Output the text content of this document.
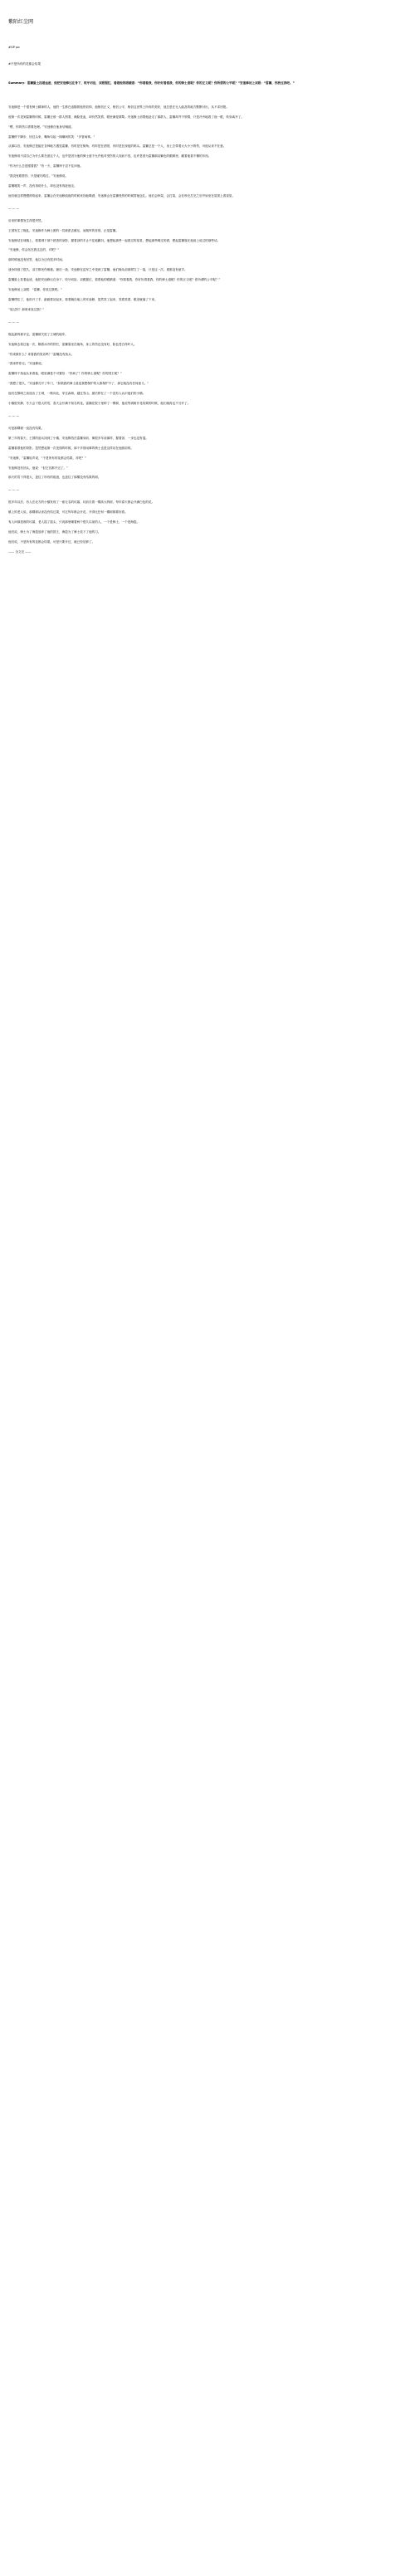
紫陌红尘网

#GP po

#不是所有的花都会结果

Summary：雷狮脸上挂着血迹，他把安迷修压在身下，咬牙切齿，双眼猩红，看着他的眼睛道：“你看看我，你好好看看我，你的骑士道呢？你的正义呢？你所谓的公平呢？”安迷修闭上双眼：“雷狮，你放过我吧。”

安迷修是一个很有骑士精神的人，他的一生都在追随着他的信仰，他相信正义，相信公平，相信这世界上所有的美好，他总是在无人能及的地方默默付出，从不求回报。
他第一次见到雷狮的时候，雷狮正被一群人围着，满脸是血，却仍然笑着，眼里满是桀骜。安迷修上前帮他赶走了那群人，雷狮却并不领情，只是冷冷地看了他一眼，转身离开了。
“喂，你的伤口需要处理。”安迷修在他身后喊道。
雷狮停下脚步，回过头来，嘴角勾起一抹嘲讽的笑：“多管闲事。”
从那以后，安迷修总是能在各种地方遇见雷狮，有时是在街角，有时是在酒馆，有时是在深夜的码头。雷狮总是一个人，身上总带着大大小小的伤，可他从来不在意。
安迷修说不清自己为什么要在意这个人，也许是因为他的骑士道不允许他对受伤的人视而不见，也许是因为雷狮那双紫色的眼睛里，藏着他看不懂的东西。
“你为什么总是跟着我？”有一天，雷狮终于忍不住问他。
“我没有跟着你，只是碰巧路过。”安迷修说。
雷狮嗤笑一声，没有再说什么，却也没有再赶他走。
他们就这样慢慢熟络起来，雷狮会在安迷修值夜的时候来找他喝酒，安迷修会在雷狮受伤的时候替他包扎。他们会吵架，会打架，会在吵完打完之后并肩坐在屋顶上看星星。
— — —
后来的事情发生得很突然。
王国发生了叛乱，安迷修作为骑士团的一员被派去镇压，而叛军的首领，正是雷狮。
安迷修站在城墙上，看着城下那个熟悉的身影，握着剑的手止不住地颤抖。他想起那些一起看过的星星，想起那些喝过的酒，想起雷狮靠在他肩上说过的那些话。
“安迷修，你会站在我这边的，对吧？”
那时候他没有回答，他以为还有很多时间。
战争持续了很久，双方都死伤惨重。最后一战，安迷修在乱军之中找到了雷狮，他们像从前那样打了一架，只是这一次，谁都没有留手。
雷狮脸上挂着血迹，他把安迷修压在身下，咬牙切齿，双眼猩红，看着他的眼睛道：“你看看我，你好好看看我，你的骑士道呢？你的正义呢？你所谓的公平呢？”
安迷修闭上双眼：“雷狮，你放过我吧。”
雷狮愣住了，他松开了手，踉跄着站起来，看着躺在地上的安迷修，忽然笑了起来，笑着笑着，眼泪就落了下来。
“放过你？那谁来放过我？”
— — —
叛乱最终被平定，雷狮被关进了王城的地牢。
安迷修去看过他一次，隔着冰冷的铁栏，雷狮靠坐在墙角，身上的伤还没有好，脸色苍白得吓人。
“你来做什么？来看我的笑话吗？”雷狮没有抬头。
“我来带你走。”安迷修说。
雷狮终于抬起头来看他，眼里满是不可置信：“你疯了？你的骑士道呢？你的国王呢？”
“我想了很久，”安迷修打开了牢门，“如果我的骑士道连我想保护的人都保护不了，那它就没有任何意义。”
他们在黎明之前逃出了王城，一路向北，穿过森林，越过雪山，最后停在了一个没有人认识他们的小镇。
小镇很安静，冬天会下很大的雪，春天会开满不知名的花。雷狮在院子里种了一棵树，他说等到树开花结果的时候，他们就再也不分开了。
— — —
可是那棵树一直没有结果。
第三年的春天，王国的追兵找到了小镇，安迷修挡在雷狮身前，像很多年前那样，握着剑，一步也没有退。
雷狮看着他的背影，忽然想起第一次见面的时候，那个多管闲事的骑士也是这样站在他面前的。
“安迷修，”雷狮轻声说，“不是所有的花都会结果，对吧？”
安迷修没有回头，他说：“但它们都开过了。”
那天的雪下得很大，盖住了所有的痕迹，也盖住了那棵没有结果的树。
— — —
很多年以后，有人在北方的小镇发现了一座无名的坟墓，坟前长着一棵高大的树，每年春天都会开满白色的花。
镇上的老人说，那棵树从来没有结过果，可它每年都会开花，开得比任何一棵树都要好看。
有人问那是谁的坟墓，老人摇了摇头，只说那里睡着两个很久以前的人，一个是骑士，一个是海盗。
他们说，骑士为了海盗放弃了他的国王，海盗为了骑士放下了他的刀。
他们说，不是所有的花都会结果，可是只要开过，就已经足够了。
—— 全文完 ——
